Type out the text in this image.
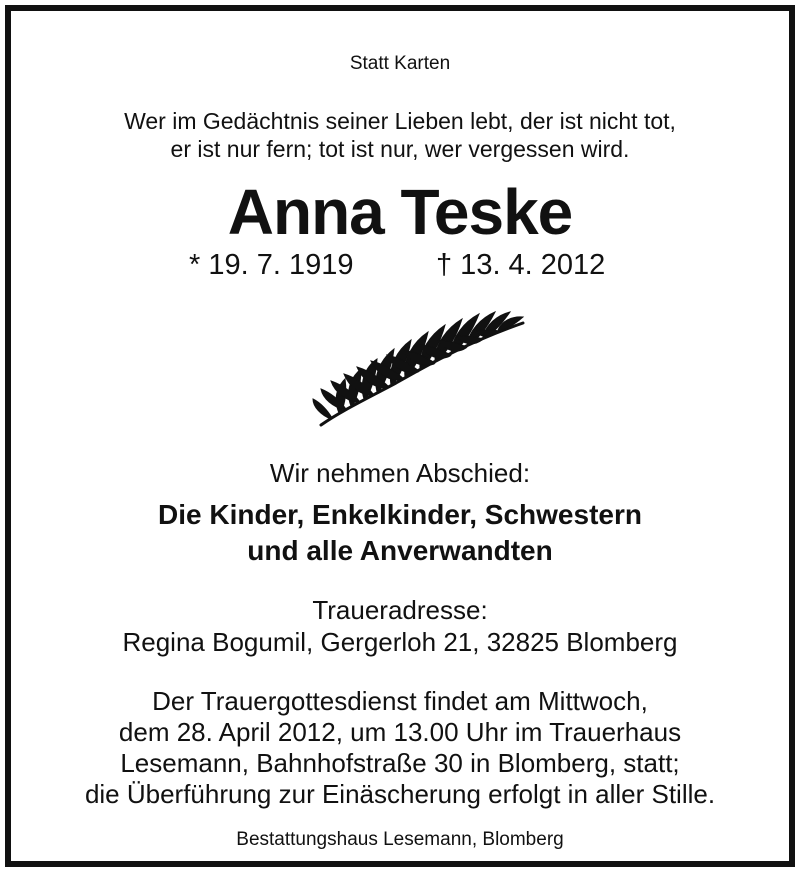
Statt Karten
Wer im Gedächtnis seiner Lieben lebt, der ist nicht tot,
er ist nur fern; tot ist nur, wer vergessen wird.
Anna Teske
* 19. 7. 1919	† 13. 4. 2012
Wir nehmen Abschied:
Die Kinder, Enkelkinder, Schwestern
und alle Anverwandten
Traueradresse:
Regina Bogumil, Gergerloh 21, 32825 Blomberg
Der Trauergottesdienst findet am Mittwoch,
dem 28. April 2012, um 13.00 Uhr im Trauerhaus
Lesemann, Bahnhofstraße 30 in Blomberg, statt;
die Überführung zur Einäscherung erfolgt in aller Stille.
Bestattungshaus Lesemann, Blomberg
